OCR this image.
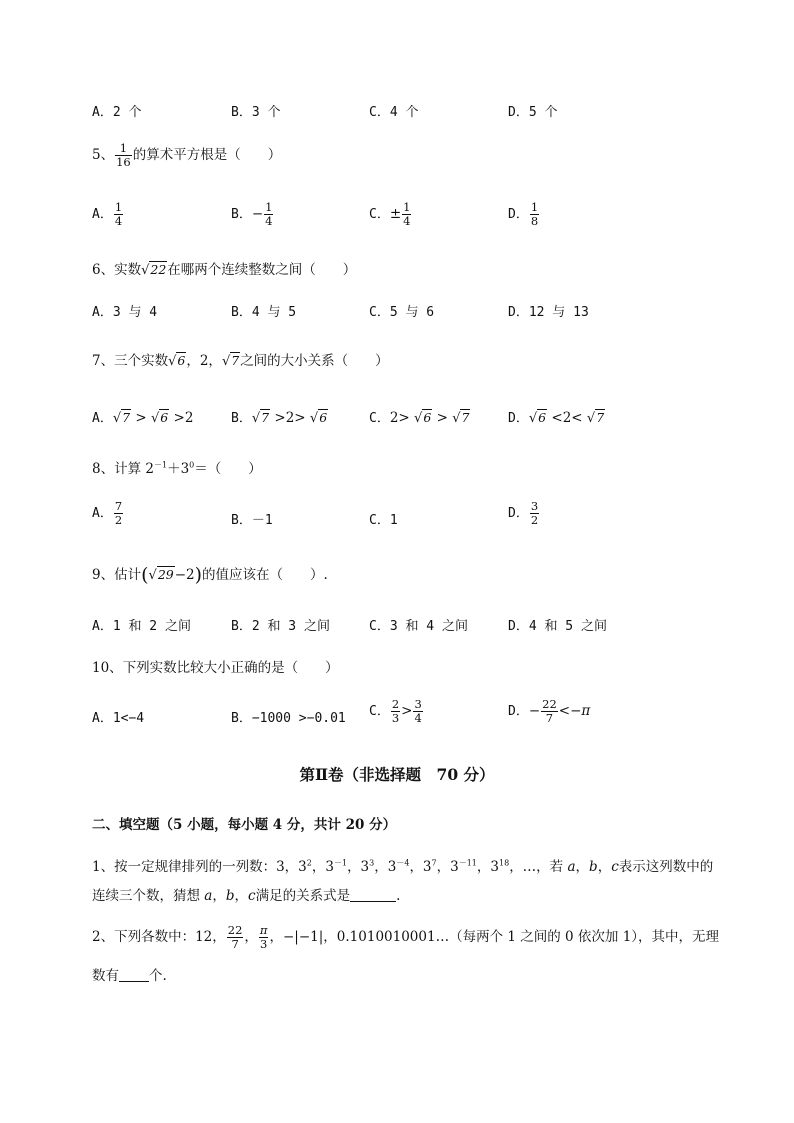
A．2 个	B．3 个	C．4 个	D．5 个
5、 $\frac{1}{16}$ 的算术平方根是（　　）
A． $\frac{1}{4}$	B．− $\frac{1}{4}$	C．± $\frac{1}{4}$	D． $\frac{1}{8}$
6、实数√22在哪两个连续整数之间（　　）
A．3 与 4	B．4 与 5	C．5 与 6	D．12 与 13
7、三个实数√6，2，√7之间的大小关系（　　）
A．√7 > √6 >2	B．√7 >2> √6	C．2> √6 > √7	D．√6 <2< √7
8、计算 $2^{-1}+3^0=$（　　）
A． $\frac{7}{2}$	B．－1	C．1	D． $\frac{3}{2}$
9、估计(√29−2)的值应该在（　　）.
A．1 和 2 之间	B．2 和 3 之间	C．3 和 4 之间	D．4 和 5 之间
10、下列实数比较大小正确的是（　　）
A．1<−4	B．−1000 >−0.01 C． $\frac{2}{3} > \frac{3}{4}$	D．− $\frac{22}{7} <-\pi$
第Ⅱ卷（非选择题　70 分）
二、填空题（5 小题，每小题 4 分，共计 20 分）
1、按一定规律排列的一列数：3，$3^2$，$3^{-1}$，$3^3$，$3^{-4}$，$3^7$，$3^{-11}$，$3^{18}$，…，若 a，b，c表示这列数中的
连续三个数，猜想 a，b，c满足的关系式是	.
2、下列各数中：12， $\frac{22}{7}$ ， $\frac{\pi}{3}$ ，−|−1|，0.1010010001…（每两个 1 之间的 0 依次加 1），其中，无理
数有 个.
